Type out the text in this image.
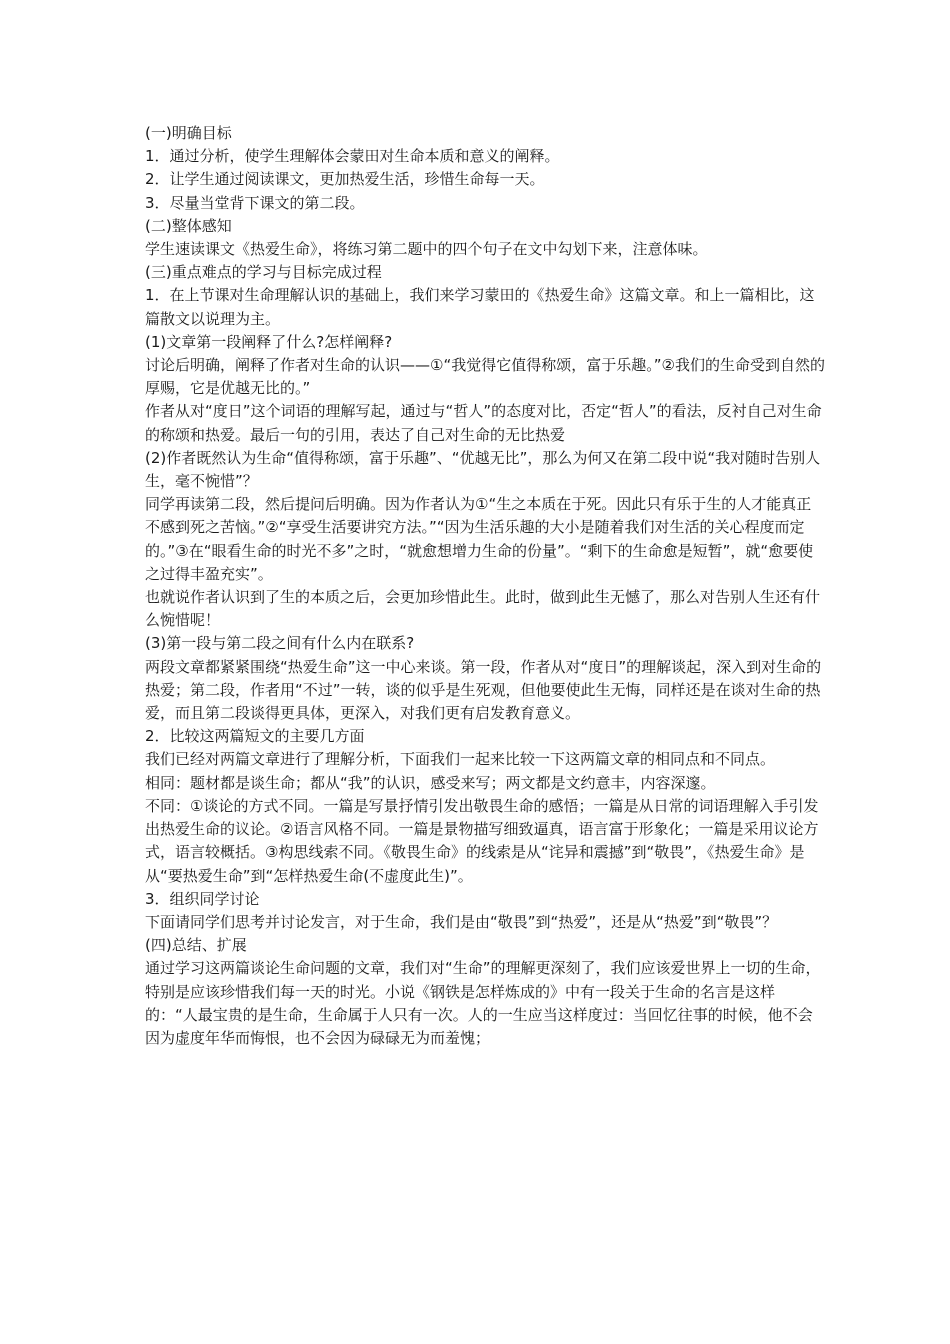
(一)明确目标

1．通过分析，使学生理解体会蒙田对生命本质和意义的阐释。

2．让学生通过阅读课文，更加热爱生活，珍惜生命每一天。

3．尽量当堂背下课文的第二段。

(二)整体感知

学生速读课文《热爱生命》，将练习第二题中的四个句子在文中勾划下来，注意体味。

(三)重点难点的学习与目标完成过程

1．在上节课对生命理解认识的基础上，我们来学习蒙田的《热爱生命》这篇文章。和上一篇相比，这篇散文以说理为主。

(1)文章第一段阐释了什么?怎样阐释?

讨论后明确，阐释了作者对生命的认识——①“我觉得它值得称颂，富于乐趣。”②我们的生命受到自然的厚赐，它是优越无比的。”

作者从对“度日”这个词语的理解写起，通过与“哲人”的态度对比，否定“哲人”的看法，反衬自己对生命的称颂和热爱。最后一句的引用，表达了自己对生命的无比热爱

(2)作者既然认为生命“值得称颂，富于乐趣”、“优越无比”，那么为何又在第二段中说“我对随时告别人生，毫不惋惜”？

同学再读第二段，然后提问后明确。因为作者认为①“生之本质在于死。因此只有乐于生的人才能真正不感到死之苦恼。”②“享受生活要讲究方法。”“因为生活乐趣的大小是随着我们对生活的关心程度而定的。”③在“眼看生命的时光不多”之时，“就愈想增力生命的份量”。“剩下的生命愈是短暂”，就“愈要使之过得丰盈充实”。

也就说作者认识到了生的本质之后，会更加珍惜此生。此时，做到此生无憾了，那么对告别人生还有什么惋惜呢！

(3)第一段与第二段之间有什么内在联系?

两段文章都紧紧围绕“热爱生命”这一中心来谈。第一段，作者从对“度日”的理解谈起，深入到对生命的热爱；第二段，作者用“不过”一转，谈的似乎是生死观，但他要使此生无悔，同样还是在谈对生命的热爱，而且第二段谈得更具体，更深入，对我们更有启发教育意义。

2．比较这两篇短文的主要几方面

我们已经对两篇文章进行了理解分析，下面我们一起来比较一下这两篇文章的相同点和不同点。

相同：题材都是谈生命；都从“我”的认识，感受来写；两文都是文约意丰，内容深邃。

不同：①谈论的方式不同。一篇是写景抒情引发出敬畏生命的感悟；一篇是从日常的词语理解入手引发出热爱生命的议论。②语言风格不同。一篇是景物描写细致逼真，语言富于形象化；一篇是采用议论方式，语言较概括。③构思线索不同。《敬畏生命》的线索是从“诧异和震撼”到“敬畏”，《热爱生命》是从“要热爱生命”到“怎样热爱生命(不虚度此生)”。

3．组织同学讨论

下面请同学们思考并讨论发言，对于生命，我们是由“敬畏”到“热爱”，还是从“热爱”到“敬畏”？

(四)总结、扩展

通过学习这两篇谈论生命问题的文章，我们对“生命”的理解更深刻了，我们应该爱世界上一切的生命，特别是应该珍惜我们每一天的时光。小说《钢铁是怎样炼成的》中有一段关于生命的名言是这样的：“人最宝贵的是生命，生命属于人只有一次。人的一生应当这样度过：当回忆往事的时候，他不会因为虚度年华而悔恨，也不会因为碌碌无为而羞愧；
